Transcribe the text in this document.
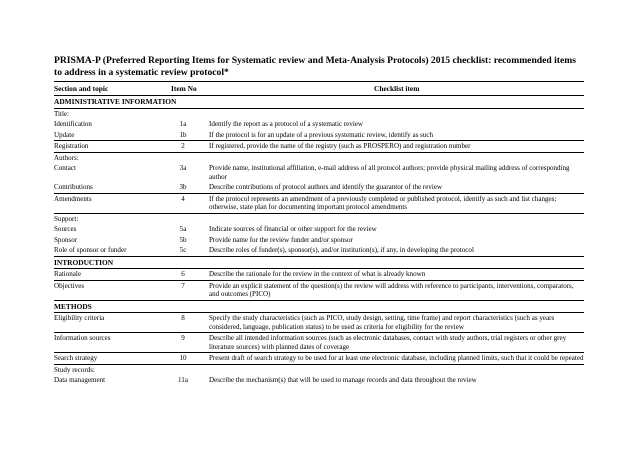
PRISMA-P (Preferred Reporting Items for Systematic review and Meta-Analysis Protocols) 2015 checklist: recommended items to address in a systematic review protocol*
Section and topic	Item No	Checklist item
ADMINISTRATIVE INFORMATION		
Title:		
Identification	1a	Identify the report as a protocol of a systematic review
Update	1b	If the protocol is for an update of a previous systematic review, identify as such
Registration	2	If registered, provide the name of the registry (such as PROSPERO) and registration number
Authors:		
Contact	3a	Provide name, institutional affiliation, e-mail address of all protocol authors; provide physical mailing address of corresponding author
Contributions	3b	Describe contributions of protocol authors and identify the guarantor of the review
Amendments	4	If the protocol represents an amendment of a previously completed or published protocol, identify as such and list changes; otherwise, state plan for documenting important protocol amendments
Support:		
Sources	5a	Indicate sources of financial or other support for the review
Sponsor	5b	Provide name for the review funder and/or sponsor
Role of sponsor or funder	5c	Describe roles of funder(s), sponsor(s), and/or institution(s), if any, in developing the protocol
INTRODUCTION		
Rationale	6	Describe the rationale for the review in the context of what is already known
Objectives	7	Provide an explicit statement of the question(s) the review will address with reference to participants, interventions, comparators, and outcomes (PICO)
METHODS		
Eligibility criteria	8	Specify the study characteristics (such as PICO, study design, setting, time frame) and report characteristics (such as years considered, language, publication status) to be used as criteria for eligibility for the review
Information sources	9	Describe all intended information sources (such as electronic databases, contact with study authors, trial registers or other grey literature sources) with planned dates of coverage
Search strategy	10	Present draft of search strategy to be used for at least one electronic database, including planned limits, such that it could be repeated
Study records:		
Data management	11a	Describe the mechanism(s) that will be used to manage records and data throughout the review
